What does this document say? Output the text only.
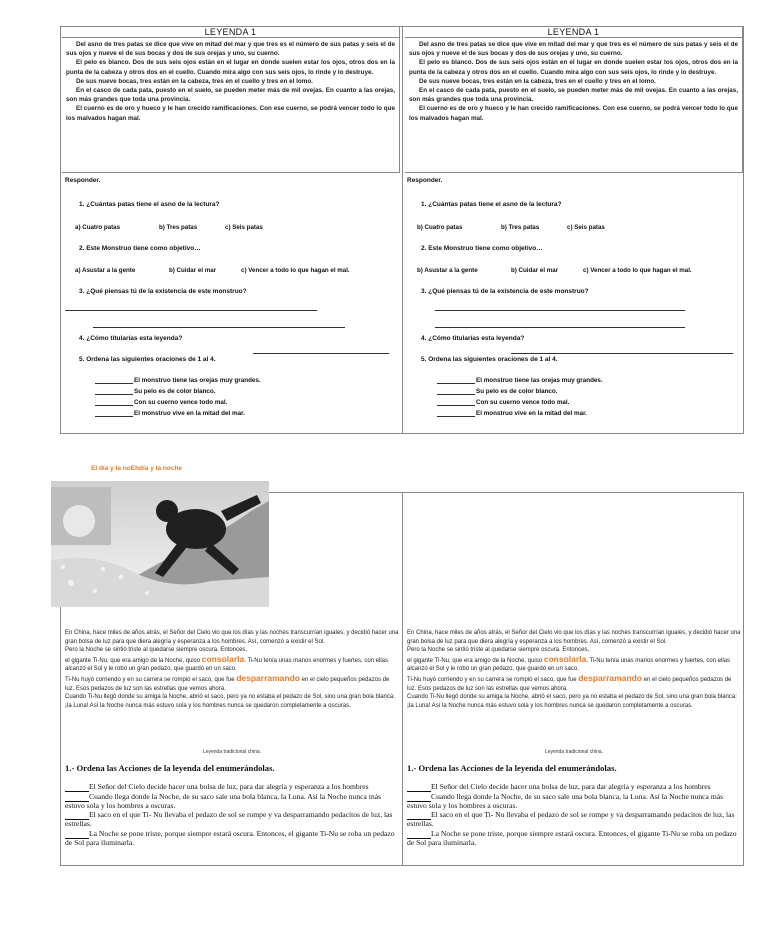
LEYENDA 1

Del asno de tres patas se dice que vive en mitad del mar y que tres es el número de sus patas y seis el de sus ojos y nueve el de sus bocas y dos de sus orejas y uno, su cuerno.

El pelo es blanco. Dos de sus seis ojos están en el lugar en donde suelen estar los ojos, otros dos en la punta de la cabeza y otros dos en el cuello. Cuando mira algo con sus seis ojos, lo rinde y lo destruye.

De sus nueve bocas, tres están en la cabeza, tres en el cuello y tres en el lomo.

En el casco de cada pata, puesto en el suelo, se pueden meter más de mil ovejas. En cuanto a las orejas, son más grandes que toda una provincia.

El cuerno es de oro y hueco y le han crecido ramificaciones. Con ese cuerno, se podrá vencer todo lo que los malvados hagan mal.

Responder.
1. ¿Cuántas patas tiene el asno de la lectura?
a) Cuatro patas	b) Tres patas	c) Seis patas
2. Este Monstruo tiene como objetivo…
a) Asustar a la gente	b) Cuidar el mar	c) Vencer a todo lo que hagan el mal.
3. ¿Qué piensas tú de la existencia de este monstruo?
4. ¿Cómo titularías esta leyenda?
5. Ordena las siguientes oraciones de 1 al 4.
El monstruo tiene las orejas muy grandes.
Su pelo es de color blanco.
Con su cuerno vence todo mal.
El monstruo vive en la mitad del mar.
LEYENDA 1

Del asno de tres patas se dice que vive en mitad del mar y que tres es el número de sus patas y seis el de sus ojos y nueve el de sus bocas y dos de sus orejas y uno, su cuerno.

El pelo es blanco. Dos de sus seis ojos están en el lugar en donde suelen estar los ojos, otros dos en la punta de la cabeza y otros dos en el cuello. Cuando mira algo con sus seis ojos, lo rinde y lo destruye.

De sus nueve bocas, tres están en la cabeza, tres en el cuello y tres en el lomo.

En el casco de cada pata, puesto en el suelo, se pueden meter más de mil ovejas. En cuanto a las orejas, son más grandes que toda una provincia.

El cuerno es de oro y hueco y le han crecido ramificaciones. Con ese cuerno, se podrá vencer todo lo que los malvados hagan mal.

Responder.
1. ¿Cuántas patas tiene el asno de la lectura?
b) Cuatro patas	b) Tres patas	c) Seis patas
2. Este Monstruo tiene como objetivo…
b) Asustar a la gente	b) Cuidar el mar	c) Vencer a todo lo que hagan el mal.
3. ¿Qué piensas tú de la existencia de este monstruo?
4. ¿Cómo titularías esta leyenda?
5. Ordena las siguientes oraciones de 1 al 4.
El monstruo tiene las orejas muy grandes.
Su pelo es de color blanco.
Con su cuerno vence todo mal.
El monstruo vive en la mitad del mar.
El día y la noEhdía y la noche

En China, hace miles de años atrás, el Señor del Cielo vio que los días y las noches transcurrían iguales, y decidió hacer una gran bolsa de luz para que diera alegría y esperanza a los hombres. Así, comenzó a existir el Sol.

Pero la Noche se sintió triste al quedarse siempre oscura. Entonces,

el gigante Ti-Nu, que era amigo de la Noche, quiso consolarla. Ti-Nu tenía unas manos enormes y fuertes, con ellas alcanzó el Sol y le robó un gran pedazo, que guardó en un saco.

Ti-Nu huyó corriendo y en su carrera se rompió el saco, que fue desparramando en el cielo pequeños pedazos de luz. Esos pedazos de luz son las estrellas que vemos ahora.

Cuando Ti-Nu llegó donde su amiga la Noche, abrió el saco, pero ya no estaba el pedazo de Sol, sino una gran bola blanca: ¡la Luna! Así la Noche nunca más estuvo sola y los hombres nunca se quedaron completamente a oscuras.

Leyenda tradicional china.
1.- Ordena las Acciones de la leyenda del enumerándolas.

El Señor del Cielo decide hacer una bolsa de luz, para dar alegría y esperanza a los hombres

Cuando llega donde la Noche, de su saco sale una bola blanca, la Luna. Así la Noche nunca más estuvo sola y los hombres a oscuras.

El saco en el que Ti- Nu llevaba el pedazo de sol se rompe y va desparramando pedacitos de luz, las estrellas.

La Noche se pone triste, porque siempre estará oscura. Entonces, el gigante Ti-Nu se roba un pedazo de Sol para iluminarla.

En China, hace miles de años atrás, el Señor del Cielo vio que los días y las noches transcurrían iguales, y decidió hacer una gran bolsa de luz para que diera alegría y esperanza a los hombres. Así, comenzó a existir el Sol.

Pero la Noche se sintió triste al quedarse siempre oscura. Entonces,

el gigante Ti-Nu, que era amigo de la Noche, quiso consolarla. Ti-Nu tenía unas manos enormes y fuertes, con ellas alcanzó el Sol y le robó un gran pedazo, que guardó en un saco.

Ti-Nu huyó corriendo y en su carrera se rompió el saco, que fue desparramando en el cielo pequeños pedazos de luz. Esos pedazos de luz son las estrellas que vemos ahora.

Cuando Ti-Nu llegó donde su amiga la Noche, abrió el saco, pero ya no estaba el pedazo de Sol, sino una gran bola blanca: ¡la Luna! Así la Noche nunca más estuvo sola y los hombres nunca se quedaron completamente a oscuras.

Leyenda tradicional china.
1.- Ordena las Acciones de la leyenda del enumerándolas.

El Señor del Cielo decide hacer una bolsa de luz, para dar alegría y esperanza a los hombres

Cuando llega donde la Noche, de su saco sale una bola blanca, la Luna. Así la Noche nunca más estuvo sola y los hombres a oscuras.

El saco en el que Ti- Nu llevaba el pedazo de sol se rompe y va desparramando pedacitos de luz, las estrellas.

La Noche se pone triste, porque siempre estará oscura. Entonces, el gigante Ti-Nu se roba un pedazo de Sol para iluminarla.
